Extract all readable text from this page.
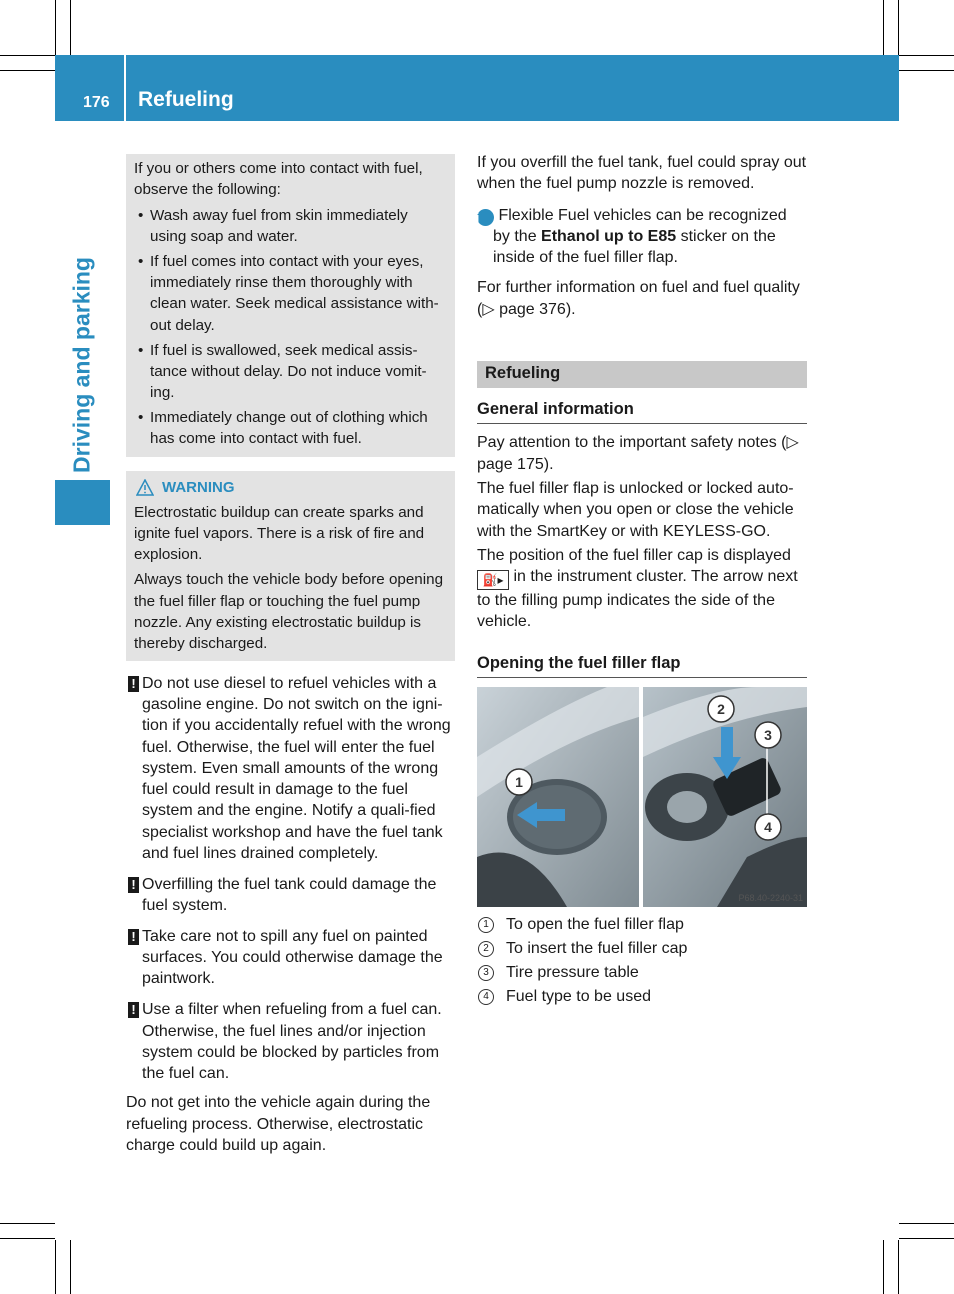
176 Refueling
Driving and parking

If you or others come into contact with fuel, observe the following:

• Wash away fuel from skin immediately using soap and water.
• If fuel comes into contact with your eyes, immediately rinse them thoroughly with clean water. Seek medical assistance with-out delay.
• If fuel is swallowed, seek medical assis-tance without delay. Do not induce vomit-ing.
• Immediately change out of clothing which has come into contact with fuel.
WARNING

Electrostatic buildup can create sparks and ignite fuel vapors. There is a risk of fire and explosion.

Always touch the vehicle body before opening the fuel filler flap or touching the fuel pump nozzle. Any existing electrostatic buildup is thereby discharged.

! Do not use diesel to refuel vehicles with a gasoline engine. Do not switch on the igni-tion if you accidentally refuel with the wrong fuel. Otherwise, the fuel will enter the fuel system. Even small amounts of the wrong fuel could result in damage to the fuel system and the engine. Notify a quali-fied specialist workshop and have the fuel tank and fuel lines drained completely.
! Overfilling the fuel tank could damage the fuel system.
! Take care not to spill any fuel on painted surfaces. You could otherwise damage the paintwork.
! Use a filter when refueling from a fuel can. Otherwise, the fuel lines and/or injection system could be blocked by particles from the fuel can.

Do not get into the vehicle again during the refueling process. Otherwise, electrostatic charge could build up again.

If you overfill the fuel tank, fuel could spray out when the fuel pump nozzle is removed.

i Flexible Fuel vehicles can be recognized by the Ethanol up to E85 sticker on the inside of the fuel filler flap.

For further information on fuel and fuel quality (▷ page 376).

Refueling
General information

Pay attention to the important safety notes (▷ page 175).

The fuel filler flap is unlocked or locked auto-matically when you open or close the vehicle with the SmartKey or with KEYLESS-GO.

The position of the fuel filler cap is displayed ⛽▸ in the instrument cluster. The arrow next to the filling pump indicates the side of the vehicle.

Opening the fuel filler flap
1
2
3
4
P68.40-2240-31
1	To open the fuel filler flap
2	To insert the fuel filler cap
3	Tire pressure table
4	Fuel type to be used
